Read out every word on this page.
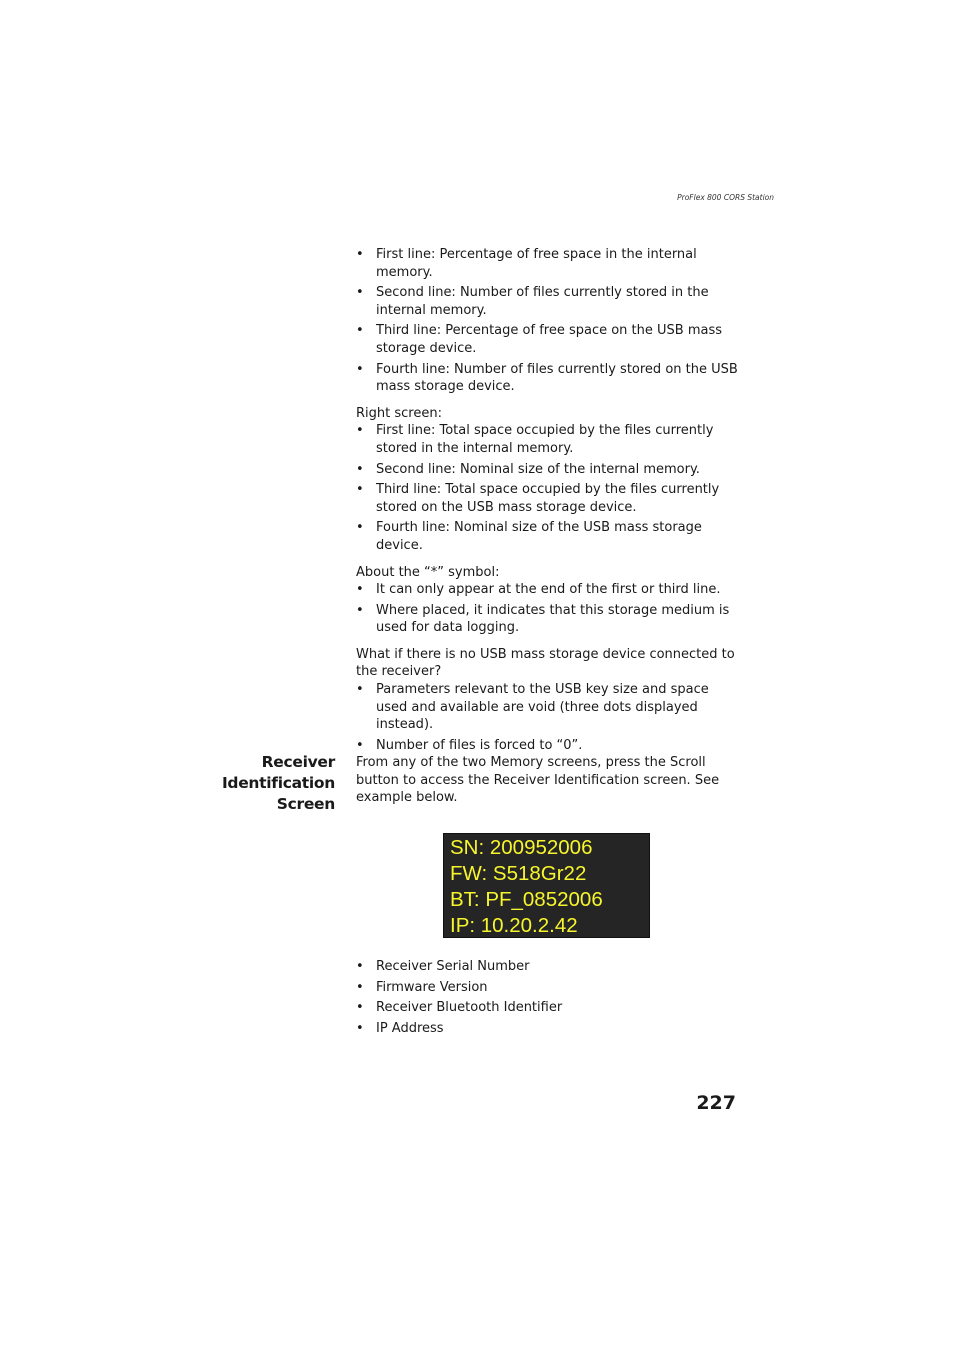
ProFlex 800 CORS Station
• First line: Percentage of free space in the internal memory.
• Second line: Number of files currently stored in the internal memory.
• Third line: Percentage of free space on the USB mass storage device.
• Fourth line: Number of files currently stored on the USB mass storage device.

Right screen:

• First line: Total space occupied by the files currently stored in the internal memory.
• Second line: Nominal size of the internal memory.
• Third line: Total space occupied by the files currently stored on the USB mass storage device.
• Fourth line: Nominal size of the USB mass storage device.

About the “*” symbol:

• It can only appear at the end of the first or third line.
• Where placed, it indicates that this storage medium is used for data logging.

What if there is no USB mass storage device connected to the receiver?

• Parameters relevant to the USB key size and space used and available are void (three dots displayed instead).
• Number of files is forced to “0”.
Receiver
Identification
Screen

From any of the two Memory screens, press the Scroll button to access the Receiver Identification screen. See example below.

SN: 200952006
FW: S518Gr22
BT: PF_0852006
IP: 10.20.2.42
• Receiver Serial Number
• Firmware Version
• Receiver Bluetooth Identifier
• IP Address
227
